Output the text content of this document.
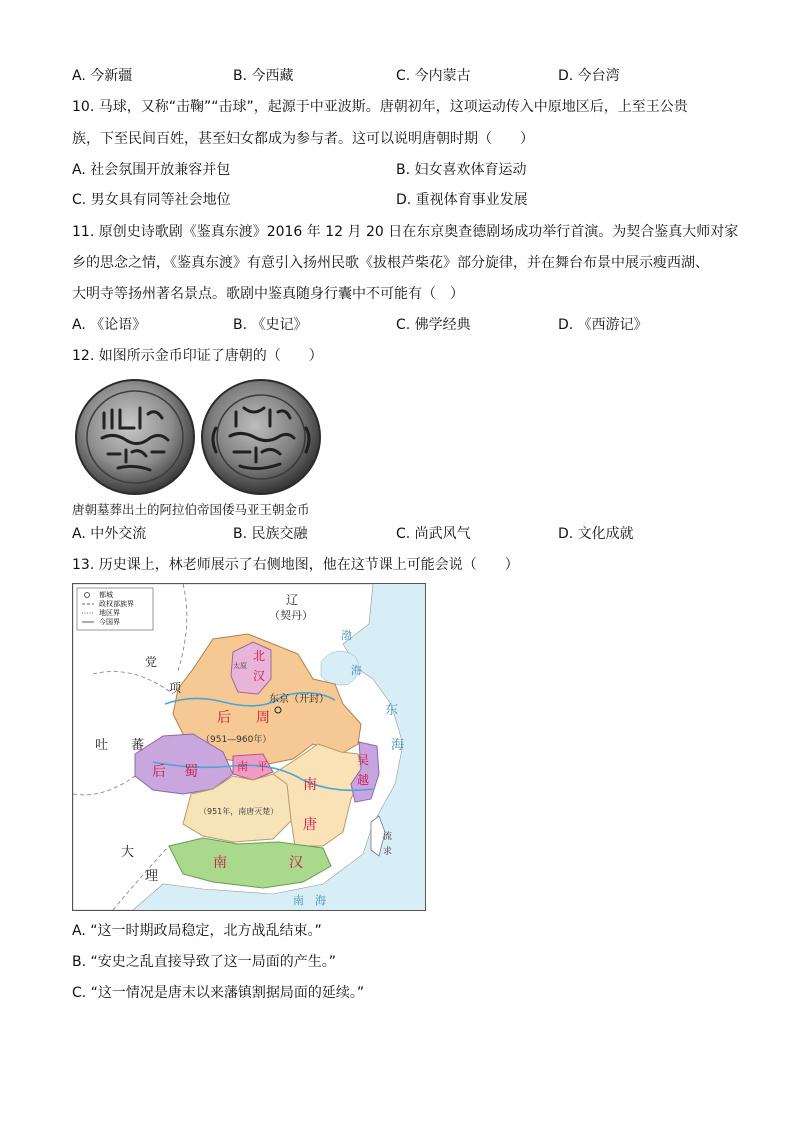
A. 今新疆	B. 今西藏	C. 今内蒙古	D. 今台湾
10. 马球，又称“击鞠”“击球”，起源于中亚波斯。唐朝初年，这项运动传入中原地区后，上至王公贵
族，下至民间百姓，甚至妇女都成为参与者。这可以说明唐朝时期（　　）
A. 社会氛围开放兼容并包	B. 妇女喜欢体育运动
C. 男女具有同等社会地位	D. 重视体育事业发展
11. 原创史诗歌剧《鉴真东渡》2016 年 12 月 20 日在东京奥查德剧场成功举行首演。为契合鉴真大师对家
乡的思念之情，《鉴真东渡》有意引入扬州民歌《拔根芦柴花》部分旋律，并在舞台布景中展示瘦西湖、
大明寺等扬州著名景点。歌剧中鉴真随身行囊中不可能有（　）
A. 《论语》	B. 《史记》	C. 佛学经典	D. 《西游记》
12. 如图所示金币印证了唐朝的（　　）
唐朝墓葬出土的阿拉伯帝国倭马亚王朝金币
A. 中外交流	B. 民族交融	C. 尚武风气	D. 文化成就
13. 历史课上，林老师展示了右侧地图，他在这节课上可能会说（　　）
都城
政权部族界
地区界
今国界
辽
（契丹）
北
汉
太原
东京（开封）
后 周
（951—960年）
后 蜀	南 平	吴
越
南
唐
（951年，南唐灭楚）
南	汉
吐 蕃
党
项
大
理
渤
海
东
海
南　海
流
求
A. “这一时期政局稳定，北方战乱结束。”
B. “安史之乱直接导致了这一局面的产生。”
C. “这一情况是唐末以来藩镇割据局面的延续。”
